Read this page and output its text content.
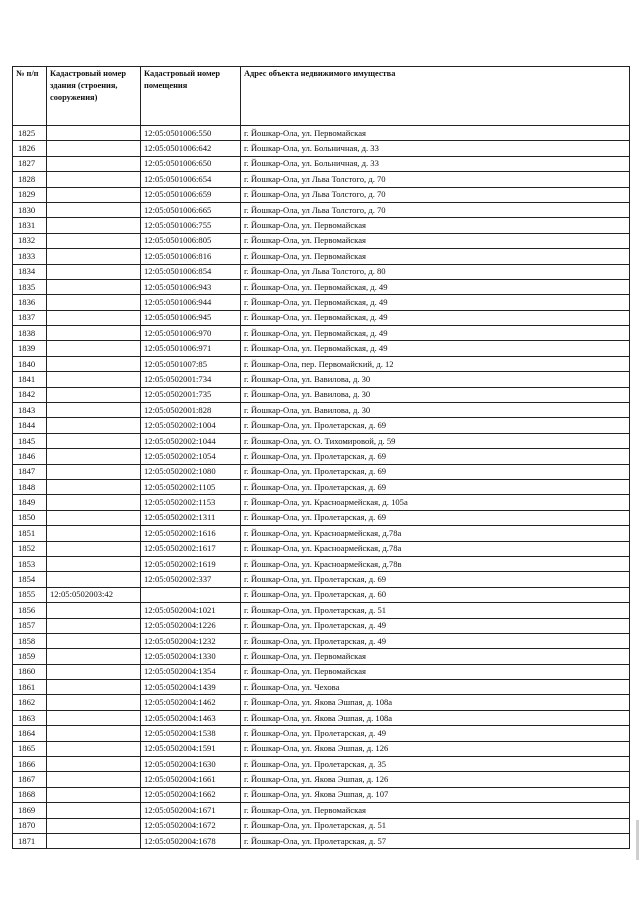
№ п/п	Кадастровый номер здания (строения, сооружения)	Кадастровый номер помещения	Адрес объекта недвижимого имущества
1825		12:05:0501006:550	г. Йошкар-Ола, ул. Первомайская
1826		12:05:0501006:642	г. Йошкар-Ола, ул. Больничная, д. 33
1827		12:05:0501006:650	г. Йошкар-Ола, ул. Больничная, д. 33
1828		12:05:0501006:654	г. Йошкар-Ола, ул Льва Толстого, д. 70
1829		12:05:0501006:659	г. Йошкар-Ола, ул Льва Толстого, д. 70
1830		12:05:0501006:665	г. Йошкар-Ола, ул Льва Толстого, д. 70
1831		12:05:0501006:755	г. Йошкар-Ола, ул. Первомайская
1832		12:05:0501006:805	г. Йошкар-Ола, ул. Первомайская
1833		12:05:0501006:816	г. Йошкар-Ола, ул. Первомайская
1834		12:05:0501006:854	г. Йошкар-Ола, ул Льва Толстого, д. 80
1835		12:05:0501006:943	г. Йошкар-Ола, ул. Первомайская, д. 49
1836		12:05:0501006:944	г. Йошкар-Ола, ул. Первомайская, д. 49
1837		12:05:0501006:945	г. Йошкар-Ола, ул. Первомайская, д. 49
1838		12:05:0501006:970	г. Йошкар-Ола, ул. Первомайская, д. 49
1839		12:05:0501006:971	г. Йошкар-Ола, ул. Первомайская, д. 49
1840		12:05:0501007:85	г. Йошкар-Ола, пер. Первомайский, д. 12
1841		12:05:0502001:734	г. Йошкар-Ола, ул. Вавилова, д. 30
1842		12:05:0502001:735	г. Йошкар-Ола, ул. Вавилова, д. 30
1843		12:05:0502001:828	г. Йошкар-Ола, ул. Вавилова, д. 30
1844		12:05:0502002:1004	г. Йошкар-Ола, ул. Пролетарская, д. 69
1845		12:05:0502002:1044	г. Йошкар-Ола, ул. О. Тихомировой, д. 59
1846		12:05:0502002:1054	г. Йошкар-Ола, ул. Пролетарская, д. 69
1847		12:05:0502002:1080	г. Йошкар-Ола, ул. Пролетарская, д. 69
1848		12:05:0502002:1105	г. Йошкар-Ола, ул. Пролетарская, д. 69
1849		12:05:0502002:1153	г. Йошкар-Ола, ул. Красноармейская, д. 105а
1850		12:05:0502002:1311	г. Йошкар-Ола, ул. Пролетарская, д. 69
1851		12:05:0502002:1616	г. Йошкар-Ола, ул. Красноармейская, д.78а
1852		12:05:0502002:1617	г. Йошкар-Ола, ул. Красноармейская, д.78а
1853		12:05:0502002:1619	г. Йошкар-Ола, ул. Красноармейская, д.78в
1854		12:05:0502002:337	г. Йошкар-Ола, ул. Пролетарская, д. 69
1855	12:05:0502003:42		г. Йошкар-Ола, ул. Пролетарская, д. 60
1856		12:05:0502004:1021	г. Йошкар-Ола, ул. Пролетарская, д. 51
1857		12:05:0502004:1226	г. Йошкар-Ола, ул. Пролетарская, д. 49
1858		12:05:0502004:1232	г. Йошкар-Ола, ул. Пролетарская, д. 49
1859		12:05:0502004:1330	г. Йошкар-Ола, ул. Первомайская
1860		12:05:0502004:1354	г. Йошкар-Ола, ул. Первомайская
1861		12:05:0502004:1439	г. Йошкар-Ола, ул. Чехова
1862		12:05:0502004:1462	г. Йошкар-Ола, ул. Якова Эшпая, д. 108а
1863		12:05:0502004:1463	г. Йошкар-Ола, ул. Якова Эшпая, д. 108а
1864		12:05:0502004:1538	г. Йошкар-Ола, ул. Пролетарская, д. 49
1865		12:05:0502004:1591	г. Йошкар-Ола, ул. Якова Эшпая, д. 126
1866		12:05:0502004:1630	г. Йошкар-Ола, ул. Пролетарская, д. 35
1867		12:05:0502004:1661	г. Йошкар-Ола, ул. Якова Эшпая, д. 126
1868		12:05:0502004:1662	г. Йошкар-Ола, ул. Якова Эшпая, д. 107
1869		12:05:0502004:1671	г. Йошкар-Ола, ул. Первомайская
1870		12:05:0502004:1672	г. Йошкар-Ола, ул. Пролетарская, д. 51
1871		12:05:0502004:1678	г. Йошкар-Ола, ул. Пролетарская, д. 57
